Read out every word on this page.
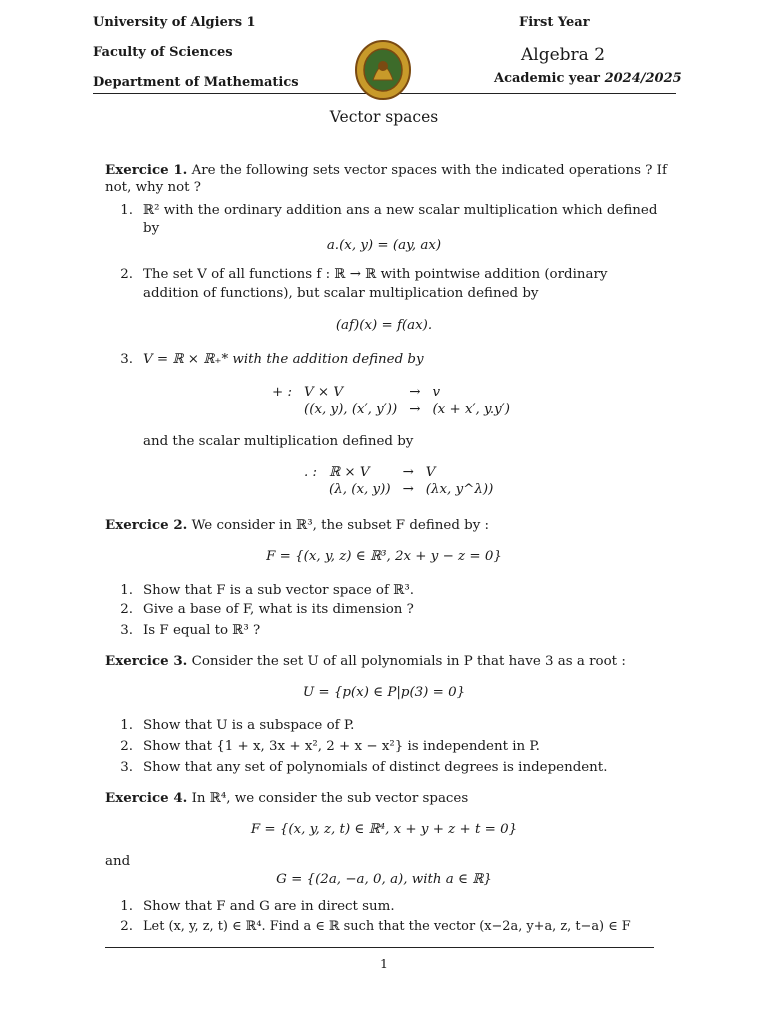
University of Algiers 1
Faculty of Sciences
Department of Mathematics
First Year
Algebra 2
Academic year 2024/2025
Vector spaces
Exercice 1. Are the following sets vector spaces with the indicated operations ? If
not, why not ?
1. ℝ² with the ordinary addition ans a new scalar multiplication which defined
by
a.(x, y) = (ay, ax)
2. The set V of all functions f : ℝ → ℝ with pointwise addition (ordinary
addition of functions), but scalar multiplication defined by
(af)(x) = f(ax).
3. V = ℝ × ℝ₊* with the addition defined by
+ :	V × V	→	v
	((x, y), (x′, y′))	→	(x + x′, y.y′)
and the scalar multiplication defined by
. :	ℝ × V	→	V
	(λ, (x, y))	→	(λx, y^λ))
Exercice 2. We consider in ℝ³, the subset F defined by :
F = {(x, y, z) ∈ ℝ³, 2x + y − z = 0}
1. Show that F is a sub vector space of ℝ³.
2. Give a base of F, what is its dimension ?
3. Is F equal to ℝ³ ?
Exercice 3. Consider the set U of all polynomials in P that have 3 as a root :
U = {p(x) ∈ P|p(3) = 0}
1. Show that U is a subspace of P.
2. Show that {1 + x, 3x + x², 2 + x − x²} is independent in P.
3. Show that any set of polynomials of distinct degrees is independent.
Exercice 4. In ℝ⁴, we consider the sub vector spaces
F = {(x, y, z, t) ∈ ℝ⁴, x + y + z + t = 0}
and
G = {(2a, −a, 0, a), with a ∈ ℝ}
1. Show that F and G are in direct sum.
2. Let (x, y, z, t) ∈ ℝ⁴. Find a ∈ ℝ such that the vector (x−2a, y+a, z, t−a) ∈ F
1
